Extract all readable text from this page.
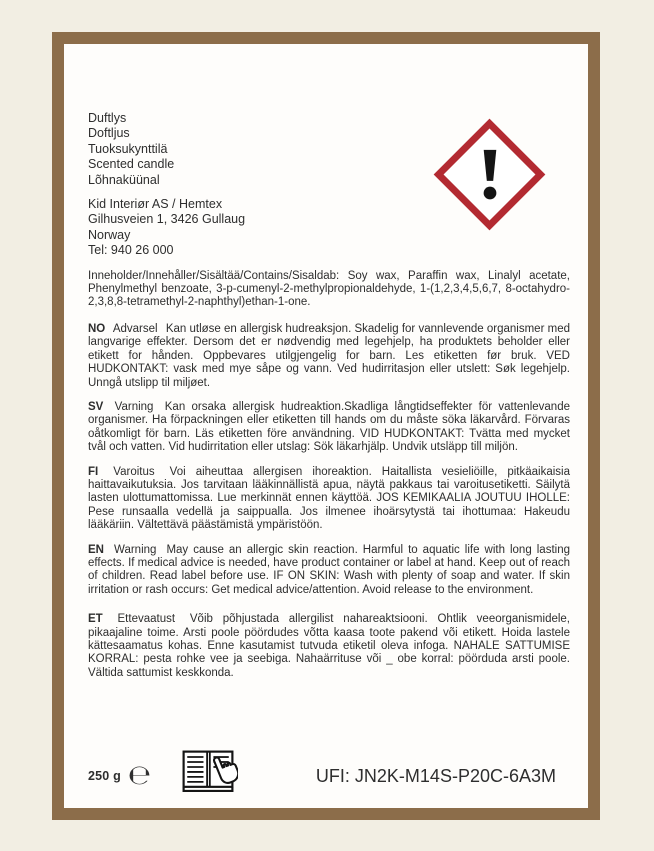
Duftlys
Doftljus
Tuoksukynttilä
Scented candle
Lõhnaküünal
Kid Interiør AS / Hemtex
Gilhusveien 1, 3426 Gullaug
Norway
Tel: 940 26 000

Inneholder/Innehåller/Sisältää/Contains/Sisaldab: Soy wax, Paraffin wax, Linalyl acetate, Phenylmethyl benzoate, 3-p-cumenyl-2-methylpropionaldehyde, 1-(1,2,3,4,5,6,7, 8-octahydro-2,3,8,8-tetramethyl-2-naphthyl)ethan-1-one.

NO Advarsel Kan utløse en allergisk hudreaksjon. Skadelig for vannlevende organismer med langvarige effekter. Dersom det er nødvendig med legehjelp, ha produktets beholder eller etikett for hånden. Oppbevares utilgjengelig for barn. Les etiketten før bruk. VED HUDKONTAKT: vask med mye såpe og vann. Ved hudirritasjon eller utslett: Søk legehjelp. Unngå utslipp til miljøet.

SV Varning Kan orsaka allergisk hudreaktion.Skadliga långtidseffekter för vattenlevande organismer. Ha förpackningen eller etiketten till hands om du måste söka läkarvård. Förvaras oåtkomligt för barn. Läs etiketten före användning. VID HUDKONTAKT: Tvätta med mycket tvål och vatten. Vid hudirritation eller utslag: Sök läkarhjälp. Undvik utsläpp till miljön.

FI Varoitus Voi aiheuttaa allergisen ihoreaktion. Haitallista vesieliöille, pitkäaikaisia haittavaikutuksia. Jos tarvitaan lääkinnällistä apua, näytä pakkaus tai varoitusetiketti. Säilytä lasten ulottumattomissa. Lue merkinnät ennen käyttöä. JOS KEMIKAALIA JOUTUU IHOLLE: Pese runsaalla vedellä ja saippualla. Jos ilmenee ihoärsytystä tai ihottumaa: Hakeudu lääkäriin. Vältettävä päästämistä ympäristöön.

EN Warning May cause an allergic skin reaction. Harmful to aquatic life with long lasting effects. If medical advice is needed, have product container or label at hand. Keep out of reach of children. Read label before use. IF ON SKIN: Wash with plenty of soap and water. If skin irritation or rash occurs: Get medical advice/attention. Avoid release to the environment.

ET Ettevaatust Võib põhjustada allergilist nahareaktsiooni. Ohtlik veeorganismidele, pikaajaline toime. Arsti poole pöördudes võtta kaasa toote pakend või etikett. Hoida lastele kättesaamatus kohas. Enne kasutamist tutvuda etiketil oleva infoga. NAHALE SATTUMISE KORRAL: pesta rohke vee ja seebiga. Nahaärrituse või _ obe korral: pöörduda arsti poole. Vältida sattumist keskkonda.

250 g ℮	UFI: JN2K-M14S-P20C-6A3M
